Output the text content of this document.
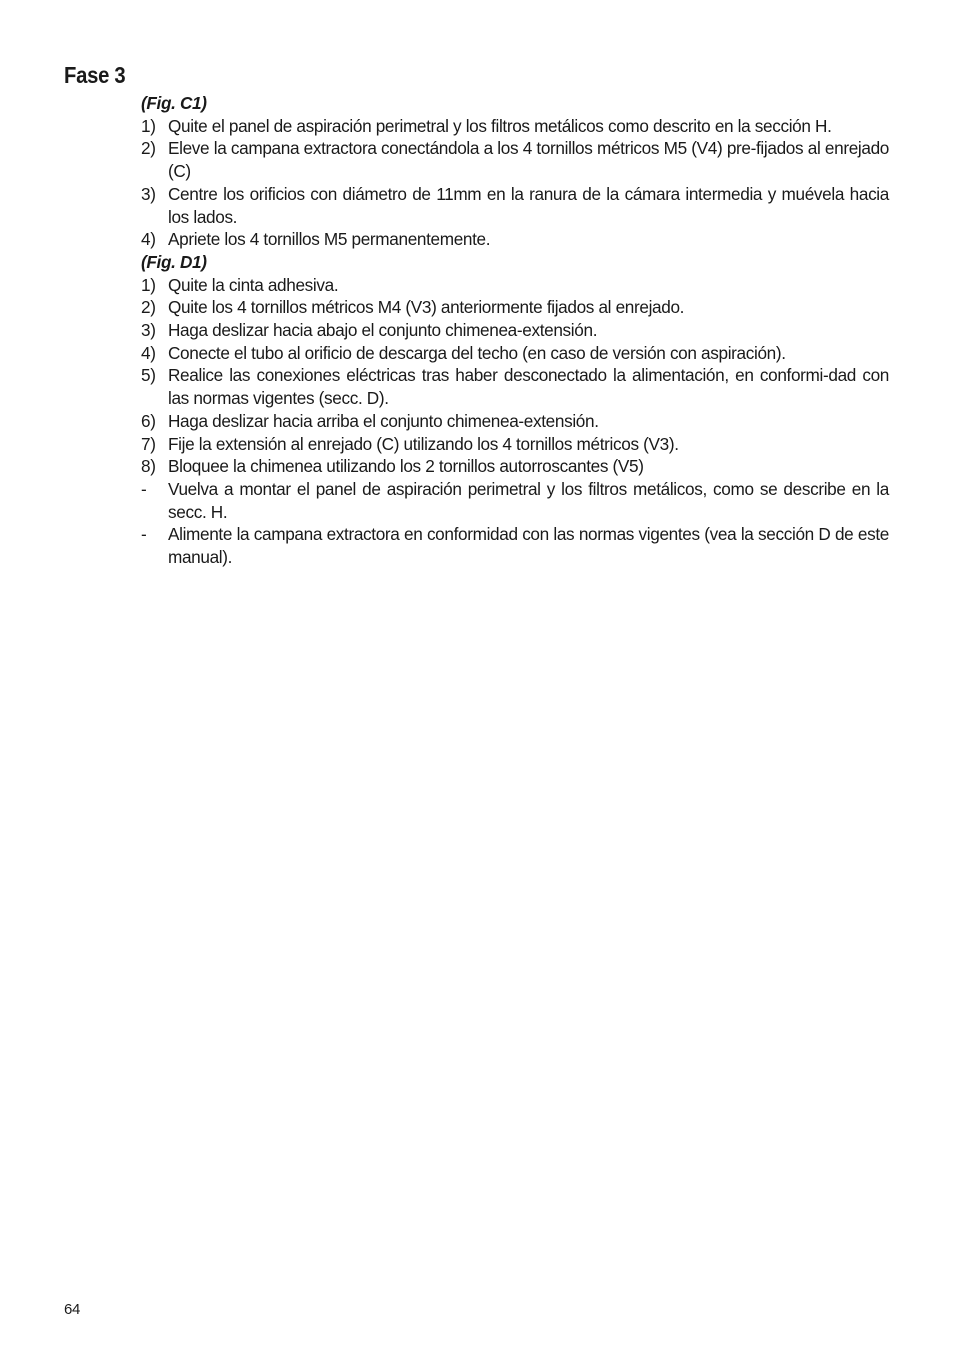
Fase 3

(Fig. C1)

1) Quite el panel de aspiración perimetral y los filtros metálicos como descrito en la sección H.
2) Eleve la campana extractora conectándola a los 4 tornillos métricos M5 (V4) pre-fijados al enrejado (C)
3) Centre los orificios con diámetro de 11mm en la ranura de la cámara intermedia y muévela hacia los lados.
4) Apriete los 4 tornillos M5 permanentemente.

(Fig. D1)

1) Quite la cinta adhesiva.
2) Quite los 4 tornillos métricos M4 (V3) anteriormente fijados al enrejado.
3) Haga deslizar hacia abajo el conjunto chimenea-extensión.
4) Conecte el tubo al orificio de descarga del techo (en caso de versión con aspiración).
5) Realice las conexiones eléctricas tras haber desconectado la alimentación, en conformi-dad con las normas vigentes (secc. D).
6) Haga deslizar hacia arriba el conjunto chimenea-extensión.
7) Fije la extensión al enrejado (C) utilizando los 4 tornillos métricos (V3).
8) Bloquee la chimenea utilizando los 2 tornillos autorroscantes (V5)
-	Vuelva a montar el panel de aspiración perimetral y los filtros metálicos, como se describe en la secc. H.
-	Alimente la campana extractora en conformidad con las normas vigentes (vea la sección D de este manual).
64
